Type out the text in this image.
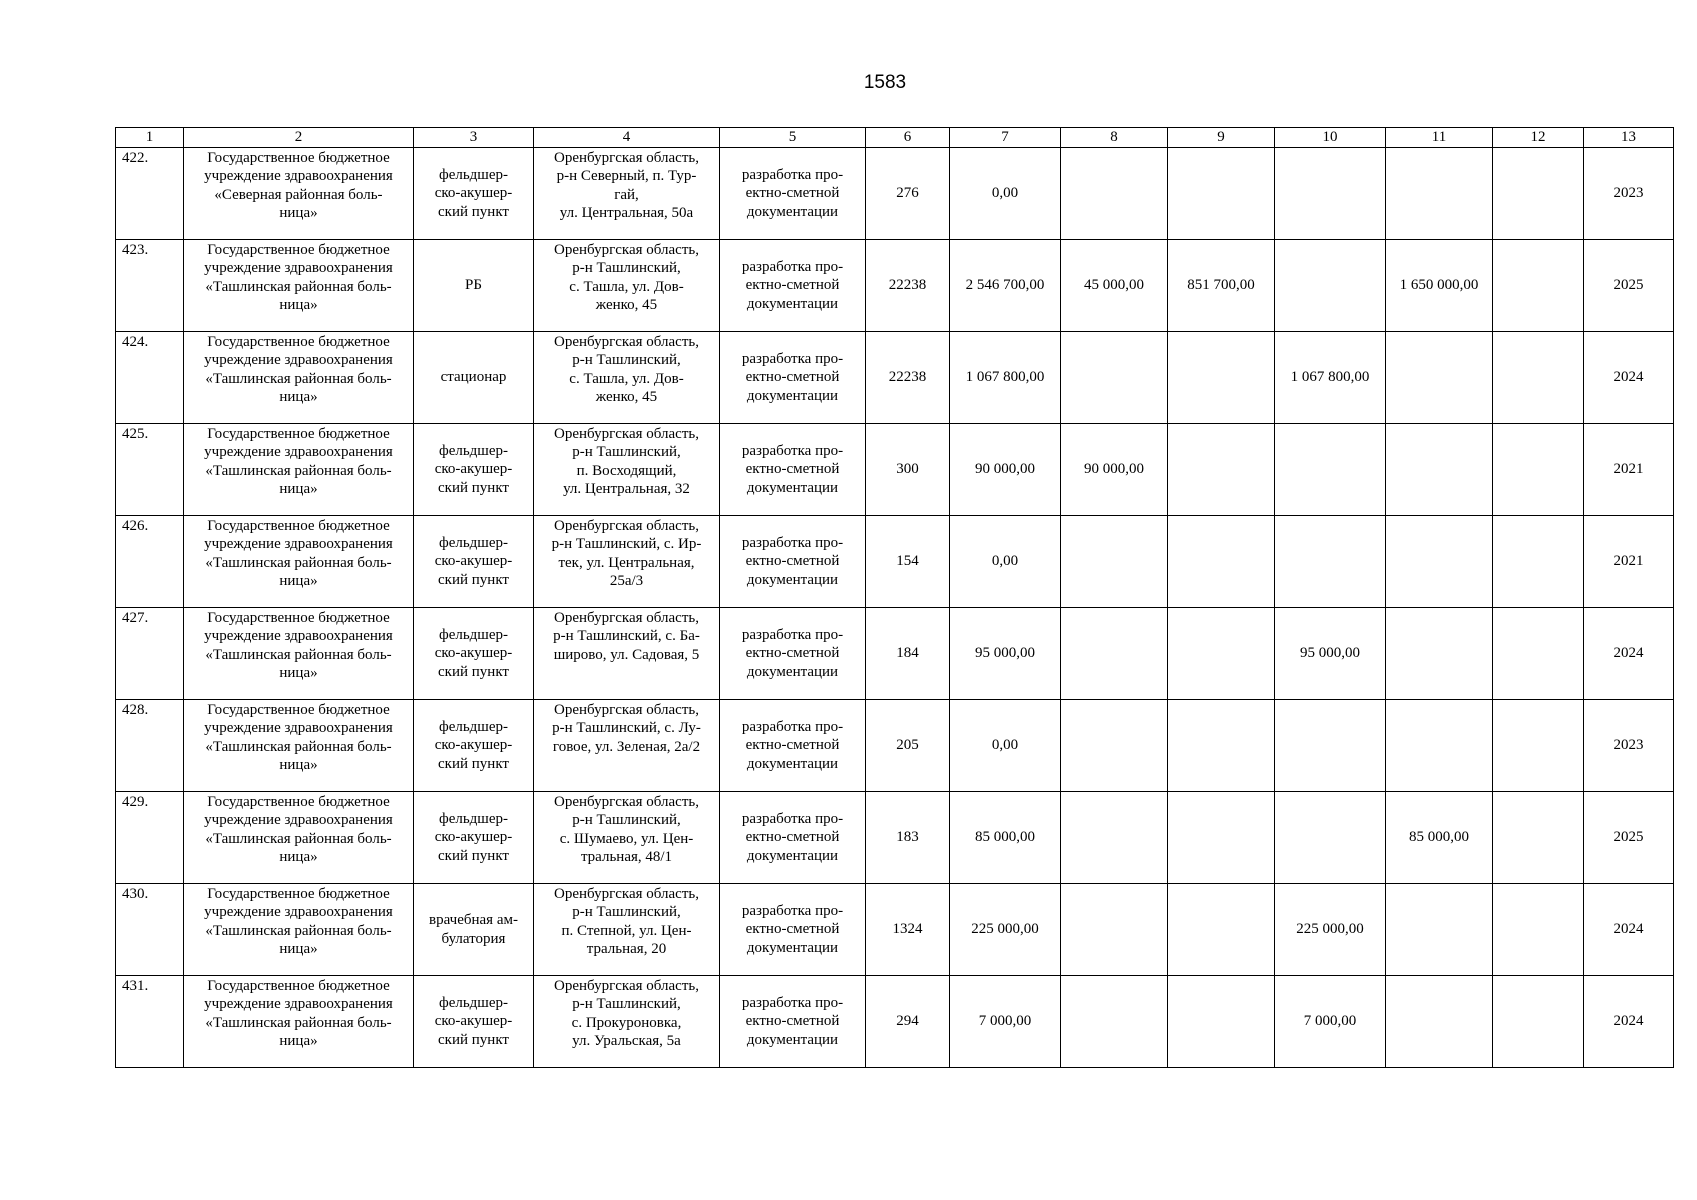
1583
1	2	3	4	5	6	7	8	9	10	11	12	13
422.	Государственное бюджетное
учреждение здравоохранения
«Северная районная боль-
ница»	фельдшер-
ско-акушер-
ский пункт	Оренбургская область,
р-н Северный, п. Тур-
гай,
ул. Центральная, 50а	разработка про-
ектно-сметной
документации	276	0,00						2023
423.	Государственное бюджетное
учреждение здравоохранения
«Ташлинская районная боль-
ница»	РБ	Оренбургская область,
р-н Ташлинский,
с. Ташла, ул. Дов-
женко, 45	разработка про-
ектно-сметной
документации	22238	2 546 700,00	45 000,00	851 700,00		1 650 000,00		2025
424.	Государственное бюджетное
учреждение здравоохранения
«Ташлинская районная боль-
ница»	стационар	Оренбургская область,
р-н Ташлинский,
с. Ташла, ул. Дов-
женко, 45	разработка про-
ектно-сметной
документации	22238	1 067 800,00			1 067 800,00			2024
425.	Государственное бюджетное
учреждение здравоохранения
«Ташлинская районная боль-
ница»	фельдшер-
ско-акушер-
ский пункт	Оренбургская область,
р-н Ташлинский,
п. Восходящий,
ул. Центральная, 32	разработка про-
ектно-сметной
документации	300	90 000,00	90 000,00					2021
426.	Государственное бюджетное
учреждение здравоохранения
«Ташлинская районная боль-
ница»	фельдшер-
ско-акушер-
ский пункт	Оренбургская область,
р-н Ташлинский, с. Ир-
тек, ул. Центральная,
25а/3	разработка про-
ектно-сметной
документации	154	0,00						2021
427.	Государственное бюджетное
учреждение здравоохранения
«Ташлинская районная боль-
ница»	фельдшер-
ско-акушер-
ский пункт	Оренбургская область,
р-н Ташлинский, с. Ба-
широво, ул. Садовая, 5	разработка про-
ектно-сметной
документации	184	95 000,00			95 000,00			2024
428.	Государственное бюджетное
учреждение здравоохранения
«Ташлинская районная боль-
ница»	фельдшер-
ско-акушер-
ский пункт	Оренбургская область,
р-н Ташлинский, с. Лу-
говое, ул. Зеленая, 2а/2	разработка про-
ектно-сметной
документации	205	0,00						2023
429.	Государственное бюджетное
учреждение здравоохранения
«Ташлинская районная боль-
ница»	фельдшер-
ско-акушер-
ский пункт	Оренбургская область,
р-н Ташлинский,
с. Шумаево, ул. Цен-
тральная, 48/1	разработка про-
ектно-сметной
документации	183	85 000,00				85 000,00		2025
430.	Государственное бюджетное
учреждение здравоохранения
«Ташлинская районная боль-
ница»	врачебная ам-
булатория	Оренбургская область,
р-н Ташлинский,
п. Степной, ул. Цен-
тральная, 20	разработка про-
ектно-сметной
документации	1324	225 000,00			225 000,00			2024
431.	Государственное бюджетное
учреждение здравоохранения
«Ташлинская районная боль-
ница»	фельдшер-
ско-акушер-
ский пункт	Оренбургская область,
р-н Ташлинский,
с. Прокуроновка,
ул. Уральская, 5а	разработка про-
ектно-сметной
документации	294	7 000,00			7 000,00			2024
